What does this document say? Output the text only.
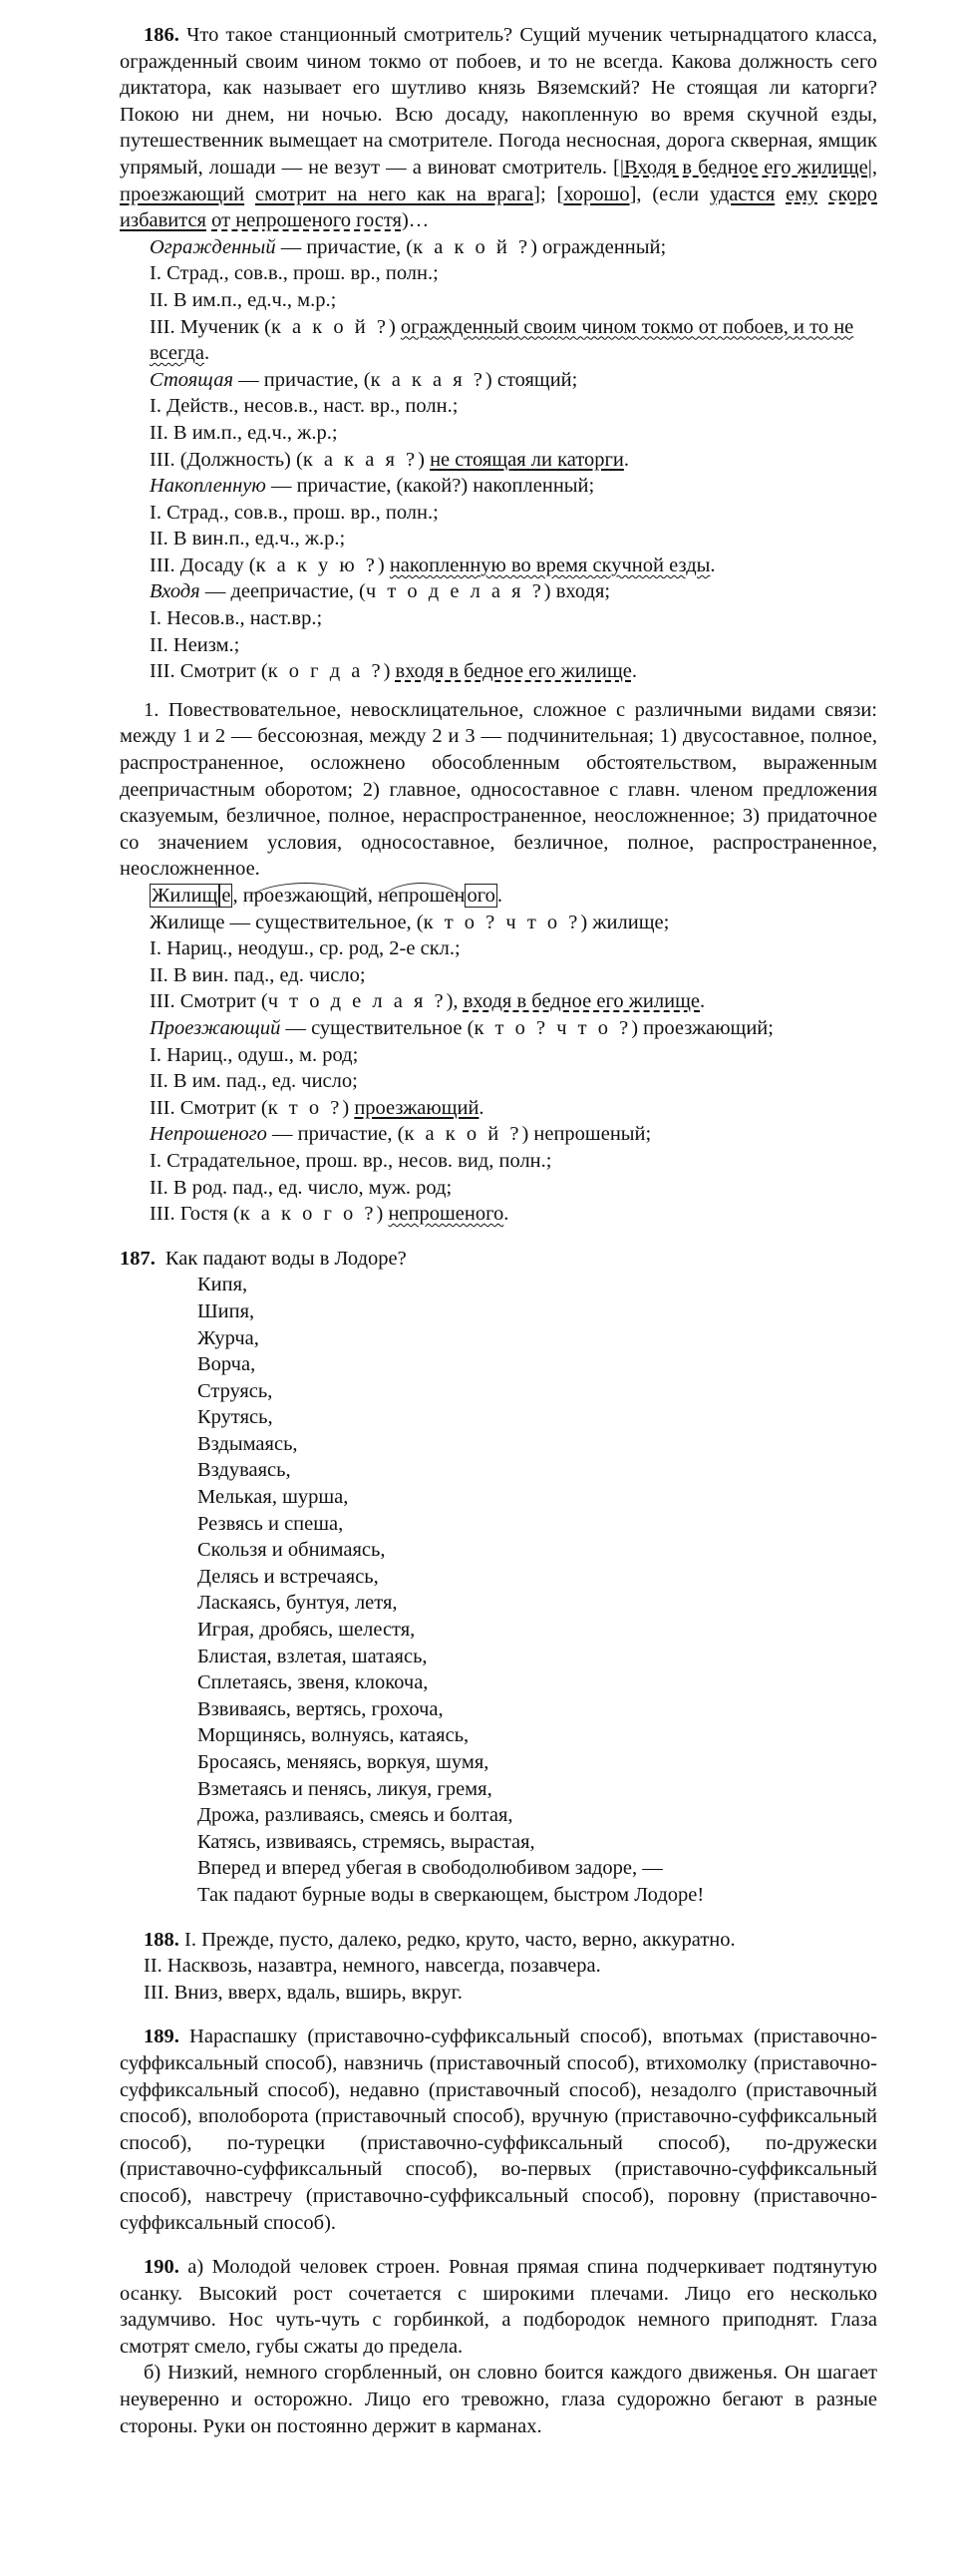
186. Что такое станционный смотритель? Сущий мученик четырнадцатого класса, огражденный своим чином токмо от побоев, и то не всегда. Какова должность сего диктатора, как называет его шутливо князь Вяземский? Не стоящая ли каторги? Покою ни днем, ни ночью. Всю досаду, накопленную во время скучной езды, путешественник вымещает на смотрителе. Погода несносная, дорога скверная, ямщик упрямый, лошади — не везут — а виноват смотритель. [|Входя в бедное его жилище|, проезжающий смотрит на него как на врага]; [хорошо], (если удастся ему скоро избавится от непрошеного гостя)…

Огражденный — причастие, (к а к о й ?) огражденный;

I. Страд., сов.в., прош. вр., полн.;

II. В им.п., ед.ч., м.р.;

III. Мученик (к а к о й ?) огражденный своим чином токмо от побоев, и то не всегда.

Стоящая — причастие, (к а к а я ?) стоящий;

I. Действ., несов.в., наст. вр., полн.;

II. В им.п., ед.ч., ж.р.;

III. (Должность) (к а к а я ?) не стоящая ли каторги.

Накопленную — причастие, (какой?) накопленный;

I. Страд., сов.в., прош. вр., полн.;

II. В вин.п., ед.ч., ж.р.;

III. Досаду (к а к у ю ?) накопленную во время скучной езды.

Входя — деепричастие, (ч т о д е л а я ?) входя;

I. Несов.в., наст.вр.;

II. Неизм.;

III. Смотрит (к о г д а ?) входя в бедное его жилище.

1. Повествовательное, невосклицательное, сложное с различными видами связи: между 1 и 2 — бессоюзная, между 2 и 3 — подчинительная; 1) двусоставное, полное, распространенное, осложнено обособленным обстоятельством, выраженным деепричастным оборотом; 2) главное, односоставное с главн. членом предложения сказуемым, безличное, полное, нераспространенное, неосложненное; 3) придаточное со значением условия, односоставное, безличное, полное, распространенное, неосложненное.

Жилищ е, проезжающий, непрошеного.

Жилище — существительное, (к т о ? ч т о ?) жилище;

I. Нариц., неодуш., ср. род, 2-е скл.;

II. В вин. пад., ед. число;

III. Смотрит (ч т о д е л а я ?), входя в бедное его жилище.

Проезжающий — существительное (к т о ? ч т о ?) проезжающий;

I. Нариц., одуш., м. род;

II. В им. пад., ед. число;

III. Смотрит (к т о ?) проезжающий.

Непрошеного — причастие, (к а к о й ?) непрошеный;

I. Страдательное, прош. вр., несов. вид, полн.;

II. В род. пад., ед. число, муж. род;

III. Гостя (к а к о г о ?) непрошеного.

187. Как падают воды в Лодоре?

Кипя,

Шипя,

Журча,

Ворча,

Струясь,

Крутясь,

Вздымаясь,

Вздуваясь,

Мелькая, шурша,

Резвясь и спеша,

Скользя и обнимаясь,

Делясь и встречаясь,

Ласкаясь, бунтуя, летя,

Играя, дробясь, шелестя,

Блистая, взлетая, шатаясь,

Сплетаясь, звеня, клокоча,

Взвиваясь, вертясь, грохоча,

Морщинясь, волнуясь, катаясь,

Бросаясь, меняясь, воркуя, шумя,

Взметаясь и пенясь, ликуя, гремя,

Дрожа, разливаясь, смеясь и болтая,

Катясь, извиваясь, стремясь, вырастая,

Вперед и вперед убегая в свободолюбивом задоре, —

Так падают бурные воды в сверкающем, быстром Лодоре!

188. I. Прежде, пусто, далеко, редко, круто, часто, верно, аккуратно.

II. Насквозь, назавтра, немного, навсегда, позавчера.

III. Вниз, вверх, вдаль, вширь, вкруг.

189. Нараспашку (приставочно-суффиксальный способ), впотьмах (приставочно-суффиксальный способ), навзничь (приставочный способ), втихомолку (приставочно-суффиксальный способ), недавно (приставочный способ), незадолго (приставочный способ), вполоборота (приставочный способ), вручную (приставочно-суффиксальный способ), по-турецки (приставочно-суффиксальный способ), по-дружески (приставочно-суффиксальный способ), во-первых (приставочно-суффиксальный способ), навстречу (приставочно-суффиксальный способ), поровну (приставочно-суффиксальный способ).

190. а) Молодой человек строен. Ровная прямая спина подчеркивает подтянутую осанку. Высокий рост сочетается с широкими плечами. Лицо его несколько задумчиво. Нос чуть-чуть с горбинкой, а подбородок немного приподнят. Глаза смотрят смело, губы сжаты до предела.

б) Низкий, немного сгорбленный, он словно боится каждого движенья. Он шагает неуверенно и осторожно. Лицо его тревожно, глаза судорожно бегают в разные стороны. Руки он постоянно держит в карманах.
